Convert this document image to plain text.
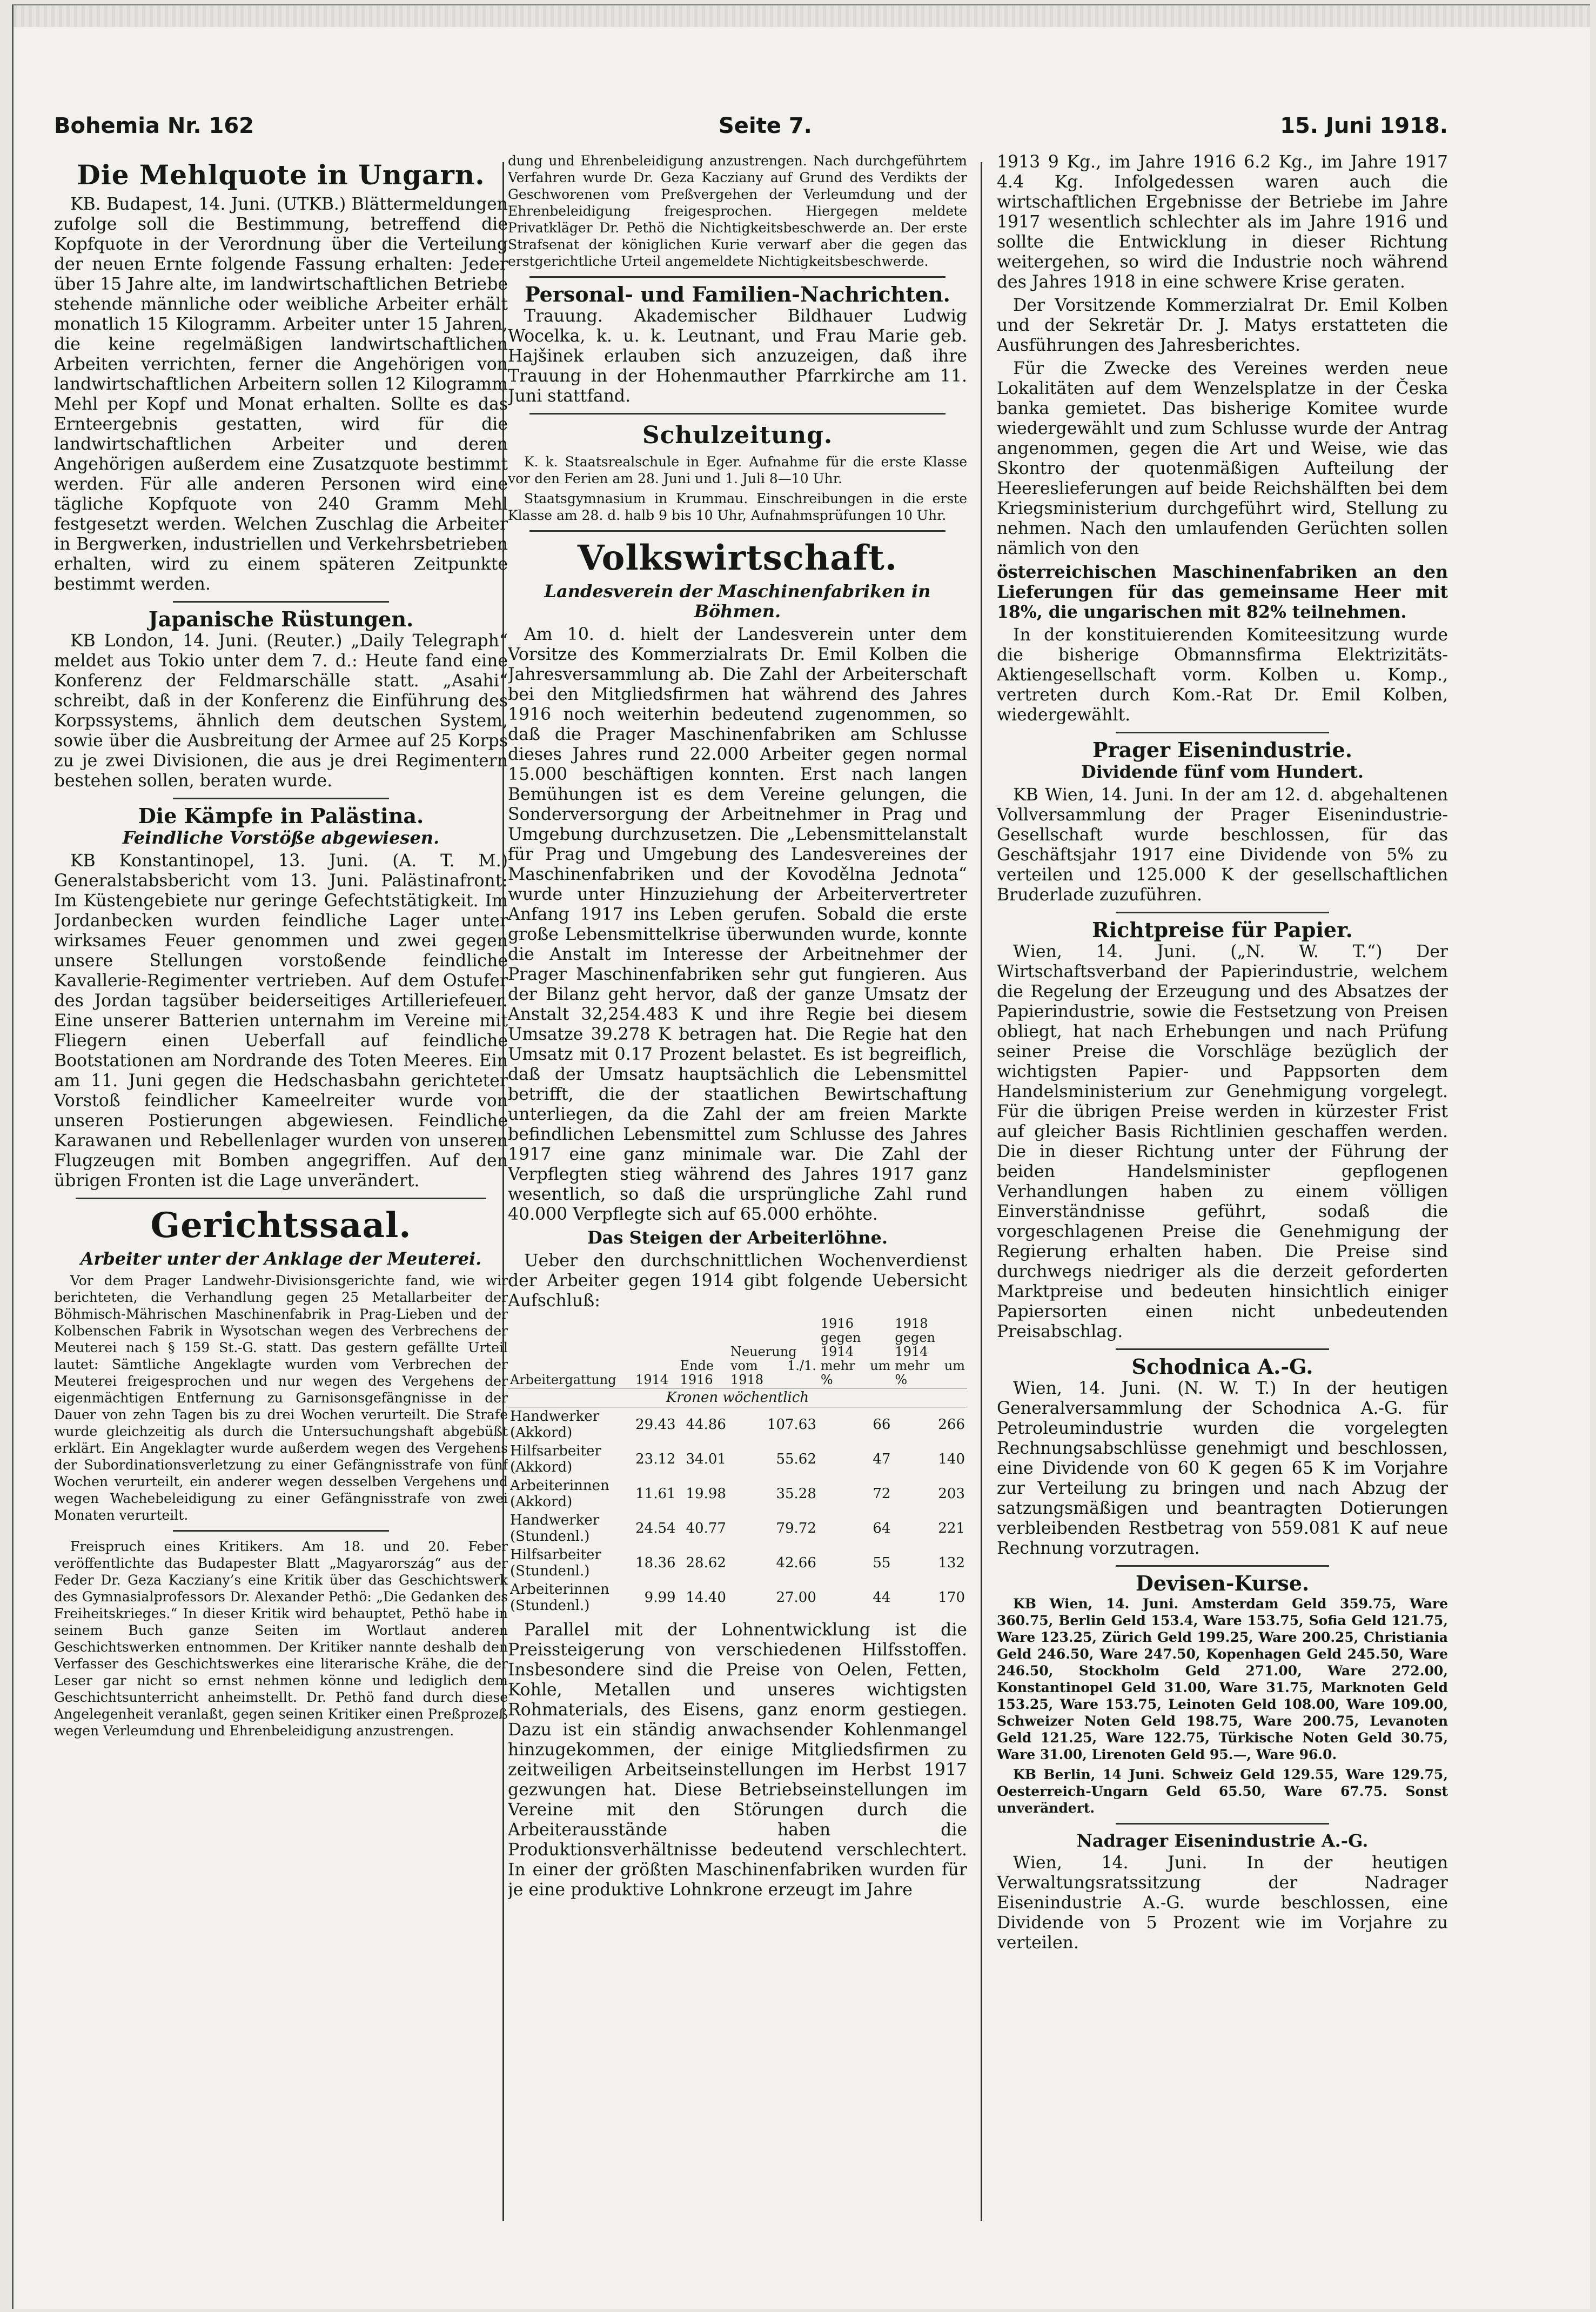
Bohemia Nr. 162	Seite 7.	15. Juni 1918.
Die Mehlquote in Ungarn.

KB. Budapest, 14. Juni. (UTKB.) Blättermeldungen zufolge soll die Bestimmung, betreffend die Kopfquote in der Verordnung über die Verteilung der neuen Ernte folgende Fassung erhalten: Jeder über 15 Jahre alte, im landwirtschaftlichen Betriebe stehende männliche oder weibliche Arbeiter erhält monatlich 15 Kilogramm. Arbeiter unter 15 Jahren, die keine regelmäßigen landwirtschaftlichen Arbeiten verrichten, ferner die Angehörigen von landwirtschaftlichen Arbeitern sollen 12 Kilogramm Mehl per Kopf und Monat erhalten. Sollte es das Ernteergebnis gestatten, wird für die landwirtschaftlichen Arbeiter und deren Angehörigen außerdem eine Zusatzquote bestimmt werden. Für alle anderen Personen wird eine tägliche Kopfquote von 240 Gramm Mehl festgesetzt werden. Welchen Zuschlag die Arbeiter in Bergwerken, industriellen und Verkehrsbetrieben erhalten, wird zu einem späteren Zeitpunkte bestimmt werden.

Japanische Rüstungen.

KB London, 14. Juni. (Reuter.) „Daily Telegraph“ meldet aus Tokio unter dem 7. d.: Heute fand eine Konferenz der Feldmarschälle statt. „Asahi“ schreibt, daß in der Konferenz die Einführung des Korpssystems, ähnlich dem deutschen System, sowie über die Ausbreitung der Armee auf 25 Korps zu je zwei Divisionen, die aus je drei Regimentern bestehen sollen, beraten wurde.

Die Kämpfe in Palästina.
Feindliche Vorstöße abgewiesen.

KB Konstantinopel, 13. Juni. (A. T. M.) Generalstabsbericht vom 13. Juni. Palästinafront: Im Küstengebiete nur geringe Gefechtstätigkeit. Im Jordanbecken wurden feindliche Lager unter wirksames Feuer genommen und zwei gegen unsere Stellungen vorstoßende feindliche Kavallerie-Regimenter vertrieben. Auf dem Ostufer des Jordan tagsüber beiderseitiges Artilleriefeuer. Eine unserer Batterien unternahm im Vereine mit Fliegern einen Ueberfall auf feindliche Bootstationen am Nordrande des Toten Meeres. Ein am 11. Juni gegen die Hedschasbahn gerichteter Vorstoß feindlicher Kameelreiter wurde von unseren Postierungen abgewiesen. Feindliche Karawanen und Rebellenlager wurden von unseren Flugzeugen mit Bomben angegriffen. Auf den übrigen Fronten ist die Lage unverändert.

Gerichtssaal.
Arbeiter unter der Anklage der Meuterei.

Vor dem Prager Landwehr-Divisionsgerichte fand, wie wir berichteten, die Verhandlung gegen 25 Metallarbeiter der Böhmisch-Mährischen Maschinenfabrik in Prag-Lieben und der Kolbenschen Fabrik in Wysotschan wegen des Verbrechens der Meuterei nach § 159 St.-G. statt. Das gestern gefällte Urteil lautet: Sämtliche Angeklagte wurden vom Verbrechen der Meuterei freigesprochen und nur wegen des Vergehens der eigenmächtigen Entfernung zu Garnisonsgefängnisse in der Dauer von zehn Tagen bis zu drei Wochen verurteilt. Die Strafe wurde gleichzeitig als durch die Untersuchungshaft abgebüßt erklärt. Ein Angeklagter wurde außerdem wegen des Vergehens der Subordinationsverletzung zu einer Gefängnisstrafe von fünf Wochen verurteilt, ein anderer wegen desselben Vergehens und wegen Wachebeleidigung zu einer Gefängnisstrafe von zwei Monaten verurteilt.

Freispruch eines Kritikers. Am 18. und 20. Feber veröffentlichte das Budapester Blatt „Magyarország“ aus der Feder Dr. Geza Kacziany’s eine Kritik über das Geschichtswerk des Gymnasialprofessors Dr. Alexander Pethö: „Die Gedanken des Freiheitskrieges.“ In dieser Kritik wird behauptet, Pethö habe in seinem Buch ganze Seiten im Wortlaut anderen Geschichtswerken entnommen. Der Kritiker nannte deshalb den Verfasser des Geschichtswerkes eine literarische Krähe, die der Leser gar nicht so ernst nehmen könne und lediglich dem Geschichtsunterricht anheimstellt. Dr. Pethö fand durch diese Angelegenheit veranlaßt, gegen seinen Kritiker einen Preßprozeß wegen Verleumdung und Ehrenbeleidigung anzustrengen.

dung und Ehrenbeleidigung anzustrengen. Nach durchgeführtem Verfahren wurde Dr. Geza Kacziany auf Grund des Verdikts der Geschworenen vom Preßvergehen der Verleumdung und der Ehrenbeleidigung freigesprochen. Hiergegen meldete Privatkläger Dr. Pethö die Nichtigkeitsbeschwerde an. Der erste Strafsenat der königlichen Kurie verwarf aber die gegen das erstgerichtliche Urteil angemeldete Nichtigkeitsbeschwerde.

Personal- und Familien-Nachrichten.

Trauung. Akademischer Bildhauer Ludwig Wocelka, k. u. k. Leutnant, und Frau Marie geb. Hajšinek erlauben sich anzuzeigen, daß ihre Trauung in der Hohenmauther Pfarrkirche am 11. Juni stattfand.

Schulzeitung.

K. k. Staatsrealschule in Eger. Aufnahme für die erste Klasse vor den Ferien am 28. Juni und 1. Juli 8—10 Uhr.

Staatsgymnasium in Krummau. Einschreibungen in die erste Klasse am 28. d. halb 9 bis 10 Uhr, Aufnahmsprüfungen 10 Uhr.

Volkswirtschaft.
Landesverein der Maschinenfabriken in Böhmen.

Am 10. d. hielt der Landesverein unter dem Vorsitze des Kommerzialrats Dr. Emil Kolben die Jahresversammlung ab. Die Zahl der Arbeiterschaft bei den Mitgliedsfirmen hat während des Jahres 1916 noch weiterhin bedeutend zugenommen, so daß die Prager Maschinenfabriken am Schlusse dieses Jahres rund 22.000 Arbeiter gegen normal 15.000 beschäftigen konnten. Erst nach langen Bemühungen ist es dem Vereine gelungen, die Sonderversorgung der Arbeitnehmer in Prag und Umgebung durchzusetzen. Die „Lebensmittelanstalt für Prag und Umgebung des Landesvereines der Maschinenfabriken und der Kovodělna Jednota“ wurde unter Hinzuziehung der Arbeitervertreter Anfang 1917 ins Leben gerufen. Sobald die erste große Lebensmittelkrise überwunden wurde, konnte die Anstalt im Interesse der Arbeitnehmer der Prager Maschinenfabriken sehr gut fungieren. Aus der Bilanz geht hervor, daß der ganze Umsatz der Anstalt 32,254.483 K und ihre Regie bei diesem Umsatze 39.278 K betragen hat. Die Regie hat den Umsatz mit 0.17 Prozent belastet. Es ist begreiflich, daß der Umsatz hauptsächlich die Lebensmittel betrifft, die der staatlichen Bewirtschaftung unterliegen, da die Zahl der am freien Markte befindlichen Lebensmittel zum Schlusse des Jahres 1917 eine ganz minimale war. Die Zahl der Verpflegten stieg während des Jahres 1917 ganz wesentlich, so daß die ursprüngliche Zahl rund 40.000 Verpflegte sich auf 65.000 erhöhte.

Das Steigen der Arbeiterlöhne.

Ueber den durchschnittlichen Wochenverdienst der Arbeiter gegen 1914 gibt folgende Uebersicht Aufschluß:

Arbeitergattung	1914	Ende 1916	Neuerung vom 1./1. 1918	1916 gegen 1914 mehr um %	1918 gegen 1914 mehr um %
Kronen wöchentlich					
Handwerker (Akkord)	29.43	44.86	107.63	66	266
Hilfsarbeiter (Akkord)	23.12	34.01	55.62	47	140
Arbeiterinnen (Akkord)	11.61	19.98	35.28	72	203
Handwerker (Stundenl.)	24.54	40.77	79.72	64	221
Hilfsarbeiter (Stundenl.)	18.36	28.62	42.66	55	132
Arbeiterinnen (Stundenl.)	9.99	14.40	27.00	44	170

Parallel mit der Lohnentwicklung ist die Preissteigerung von verschiedenen Hilfsstoffen. Insbesondere sind die Preise von Oelen, Fetten, Kohle, Metallen und unseres wichtigsten Rohmaterials, des Eisens, ganz enorm gestiegen. Dazu ist ein ständig anwachsender Kohlenmangel hinzugekommen, der einige Mitgliedsfirmen zu zeitweiligen Arbeitseinstellungen im Herbst 1917 gezwungen hat. Diese Betriebseinstellungen im Vereine mit den Störungen durch die Arbeiterausstände haben die Produktionsverhältnisse bedeutend verschlechtert. In einer der größten Maschinenfabriken wurden für je eine produktive Lohnkrone erzeugt im Jahre

1913 9 Kg., im Jahre 1916 6.2 Kg., im Jahre 1917 4.4 Kg. Infolgedessen waren auch die wirtschaftlichen Ergebnisse der Betriebe im Jahre 1917 wesentlich schlechter als im Jahre 1916 und sollte die Entwicklung in dieser Richtung weitergehen, so wird die Industrie noch während des Jahres 1918 in eine schwere Krise geraten.

Der Vorsitzende Kommerzialrat Dr. Emil Kolben und der Sekretär Dr. J. Matys erstatteten die Ausführungen des Jahresberichtes.

Für die Zwecke des Vereines werden neue Lokalitäten auf dem Wenzelsplatze in der Česka banka gemietet. Das bisherige Komitee wurde wiedergewählt und zum Schlusse wurde der Antrag angenommen, gegen die Art und Weise, wie das Skontro der quotenmäßigen Aufteilung der Heereslieferungen auf beide Reichshälften bei dem Kriegsministerium durchgeführt wird, Stellung zu nehmen. Nach den umlaufenden Gerüchten sollen nämlich von den

österreichischen Maschinenfabriken an den Lieferungen für das gemeinsame Heer mit 18%, die ungarischen mit 82% teilnehmen.

In der konstituierenden Komiteesitzung wurde die bisherige Obmannsfirma Elektrizitäts-Aktiengesellschaft vorm. Kolben u. Komp., vertreten durch Kom.-Rat Dr. Emil Kolben, wiedergewählt.

Prager Eisenindustrie.
Dividende fünf vom Hundert.

KB Wien, 14. Juni. In der am 12. d. abgehaltenen Vollversammlung der Prager Eisenindustrie-Gesellschaft wurde beschlossen, für das Geschäftsjahr 1917 eine Dividende von 5% zu verteilen und 125.000 K der gesellschaftlichen Bruderlade zuzuführen.

Richtpreise für Papier.

Wien, 14. Juni. („N. W. T.“) Der Wirtschaftsverband der Papierindustrie, welchem die Regelung der Erzeugung und des Absatzes der Papierindustrie, sowie die Festsetzung von Preisen obliegt, hat nach Erhebungen und nach Prüfung seiner Preise die Vorschläge bezüglich der wichtigsten Papier- und Pappsorten dem Handelsministerium zur Genehmigung vorgelegt. Für die übrigen Preise werden in kürzester Frist auf gleicher Basis Richtlinien geschaffen werden. Die in dieser Richtung unter der Führung der beiden Handelsminister gepflogenen Verhandlungen haben zu einem völligen Einverständnisse geführt, sodaß die vorgeschlagenen Preise die Genehmigung der Regierung erhalten haben. Die Preise sind durchwegs niedriger als die derzeit geforderten Marktpreise und bedeuten hinsichtlich einiger Papiersorten einen nicht unbedeutenden Preisabschlag.

Schodnica A.-G.

Wien, 14. Juni. (N. W. T.) In der heutigen Generalversammlung der Schodnica A.-G. für Petroleumindustrie wurden die vorgelegten Rechnungsabschlüsse genehmigt und beschlossen, eine Dividende von 60 K gegen 65 K im Vorjahre zur Verteilung zu bringen und nach Abzug der satzungsmäßigen und beantragten Dotierungen verbleibenden Restbetrag von 559.081 K auf neue Rechnung vorzutragen.

Devisen-Kurse.

KB Wien, 14. Juni. Amsterdam Geld 359.75, Ware 360.75, Berlin Geld 153.4, Ware 153.75, Sofia Geld 121.75, Ware 123.25, Zürich Geld 199.25, Ware 200.25, Christiania Geld 246.50, Ware 247.50, Kopenhagen Geld 245.50, Ware 246.50, Stockholm Geld 271.00, Ware 272.00, Konstantinopel Geld 31.00, Ware 31.75, Marknoten Geld 153.25, Ware 153.75, Leinoten Geld 108.00, Ware 109.00, Schweizer Noten Geld 198.75, Ware 200.75, Levanoten Geld 121.25, Ware 122.75, Türkische Noten Geld 30.75, Ware 31.00, Lirenoten Geld 95.—, Ware 96.0.

KB Berlin, 14 Juni. Schweiz Geld 129.55, Ware 129.75, Oesterreich-Ungarn Geld 65.50, Ware 67.75. Sonst unverändert.

Nadrager Eisenindustrie A.-G.

Wien, 14. Juni. In der heutigen Verwaltungsratssitzung der Nadrager Eisenindustrie A.-G. wurde beschlossen, eine Dividende von 5 Prozent wie im Vorjahre zu verteilen.
